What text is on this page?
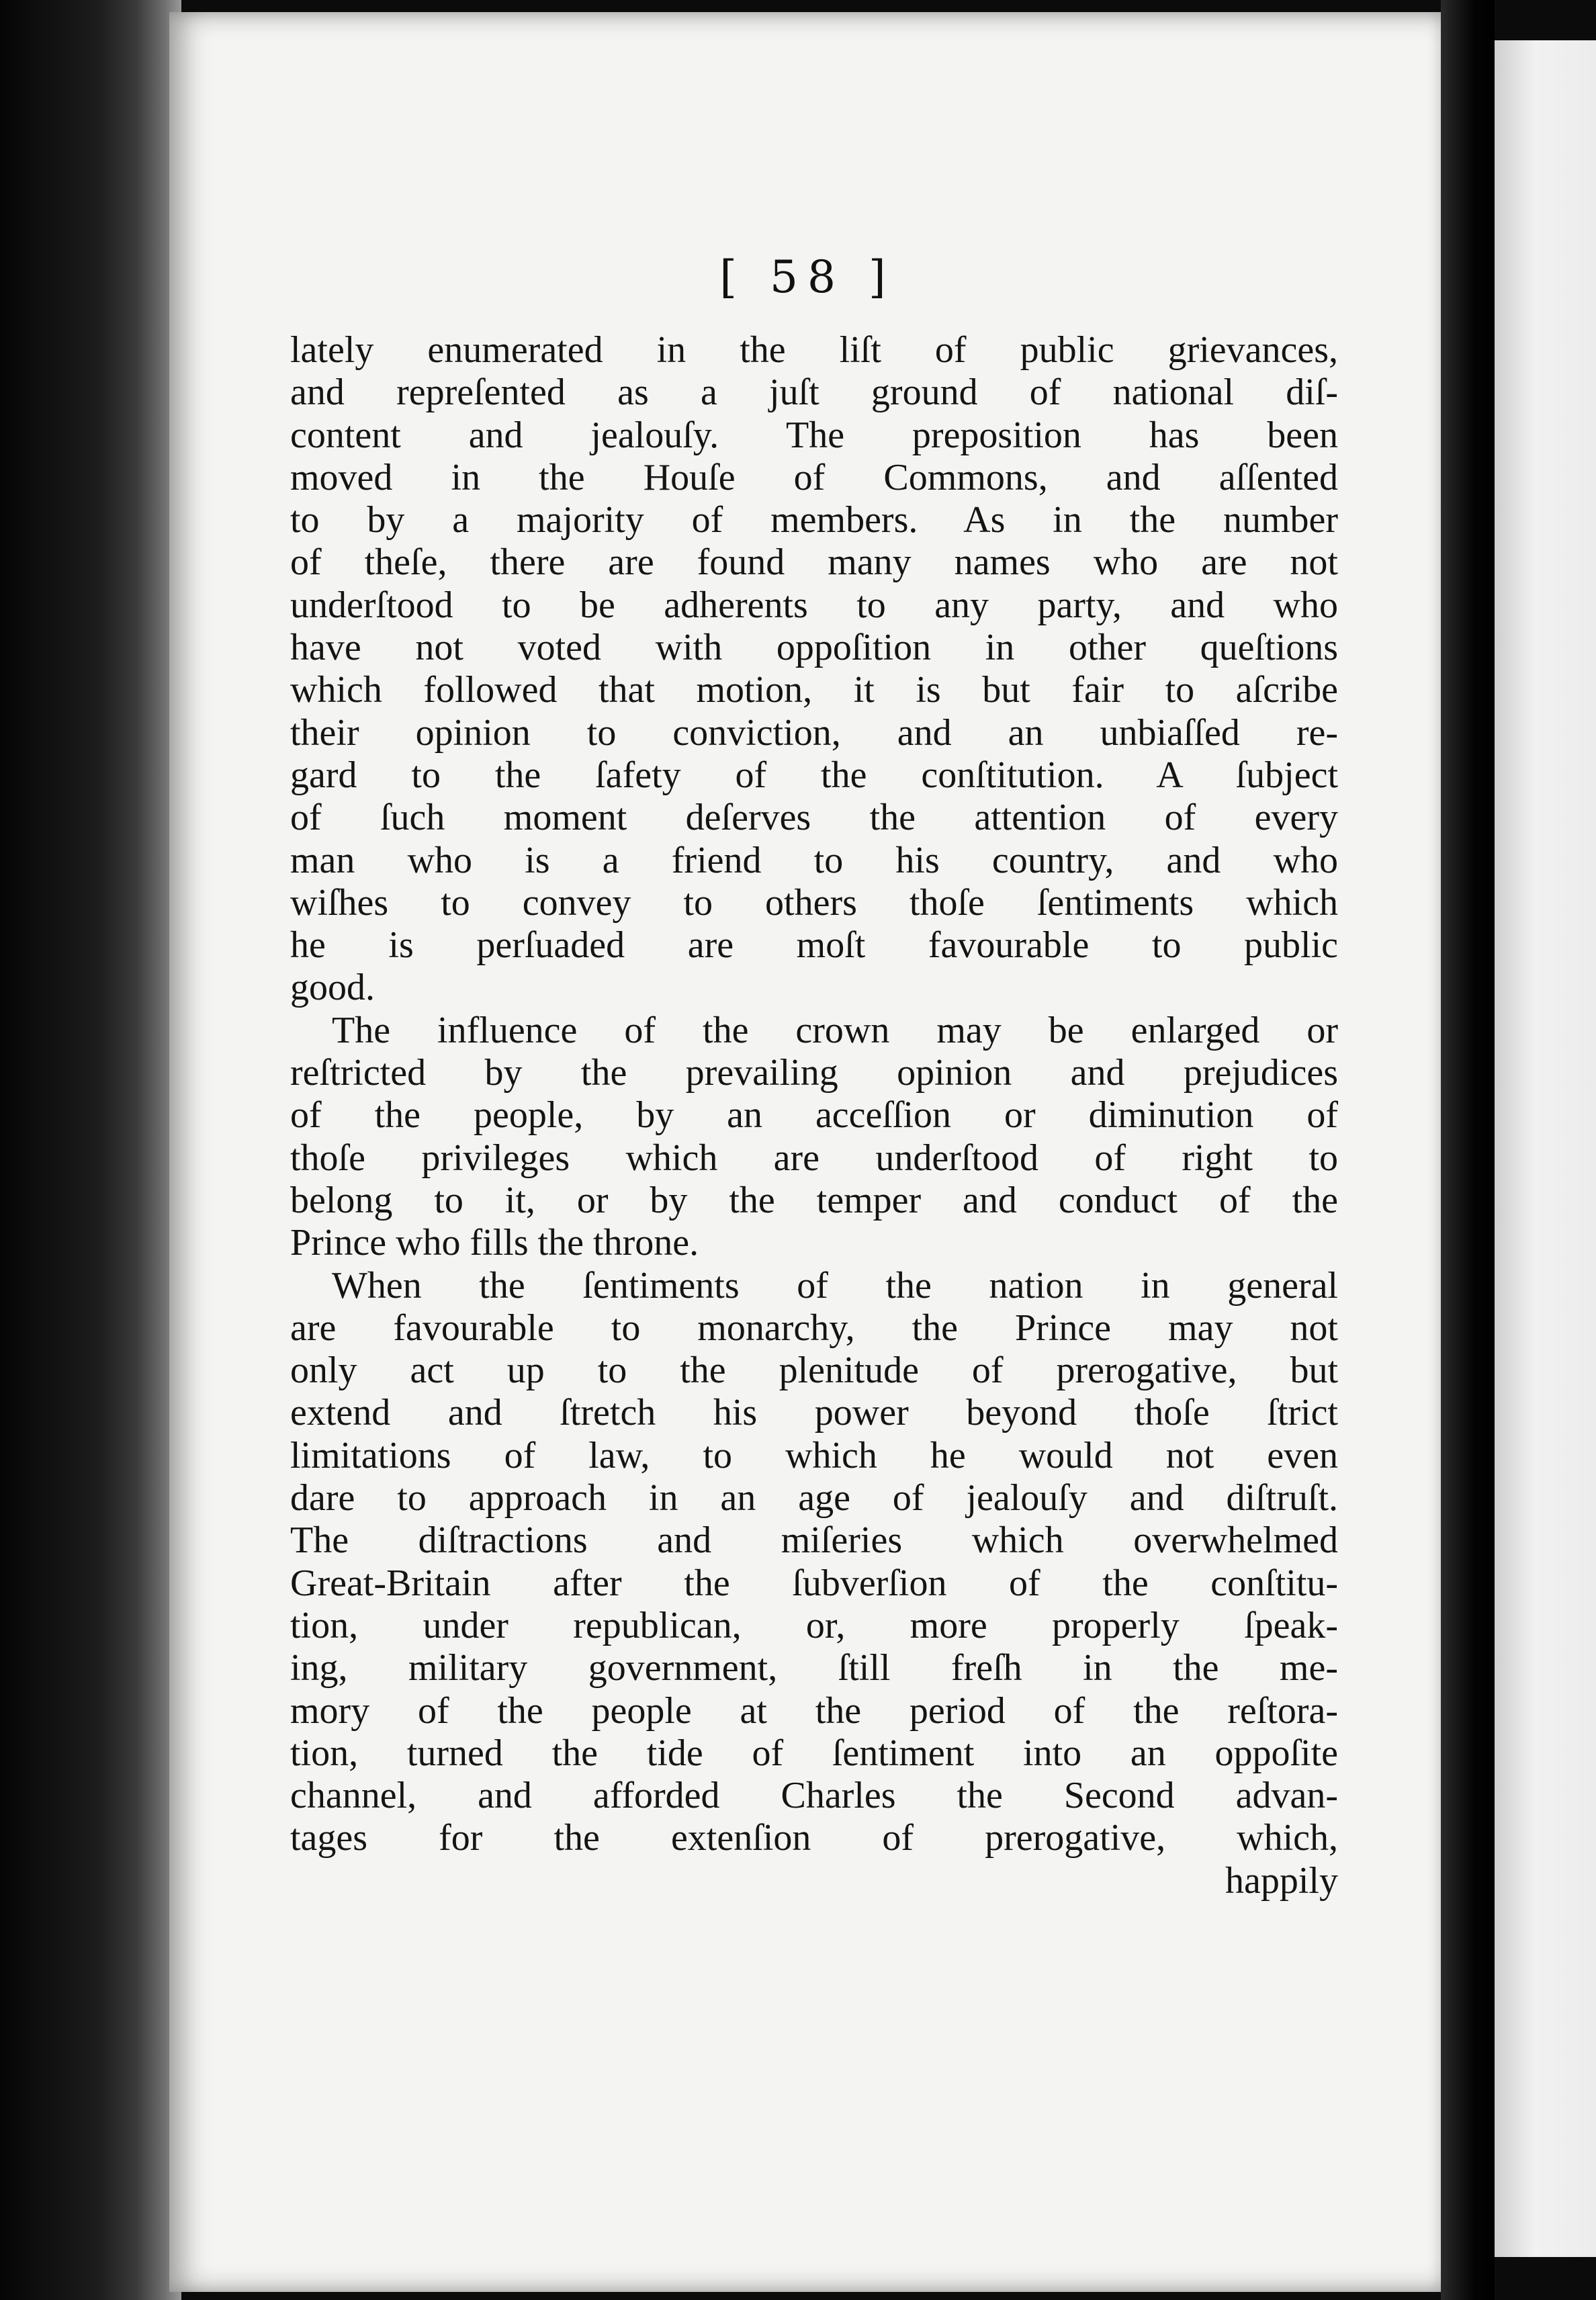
[ 58 ]
lately enumerated in the liſt of public grievances,
and repreſented as a juſt ground of national diſ-
content and jealouſy. The preposition has been
moved in the Houſe of Commons, and aſſented
to by a majority of members. As in the number
of theſe, there are found many names who are not
underſtood to be adherents to any party, and who
have not voted with oppoſition in other queſtions
which followed that motion, it is but fair to aſcribe
their opinion to conviction, and an unbiaſſed re-
gard to the ſafety of the conſtitution. A ſubject
of ſuch moment deſerves the attention of every
man who is a friend to his country, and who
wiſhes to convey to others thoſe ſentiments which
he is perſuaded are moſt favourable to public
good.
The influence of the crown may be enlarged or
reſtricted by the prevailing opinion and prejudices
of the people, by an acceſſion or diminution of
thoſe privileges which are underſtood of right to
belong to it, or by the temper and conduct of the
Prince who fills the throne.
When the ſentiments of the nation in general
are favourable to monarchy, the Prince may not
only act up to the plenitude of prerogative, but
extend and ſtretch his power beyond thoſe ſtrict
limitations of law, to which he would not even
dare to approach in an age of jealouſy and diſtruſt.
The diſtractions and miſeries which overwhelmed
Great-Britain after the ſubverſion of the conſtitu-
tion, under republican, or, more properly ſpeak-
ing, military government, ſtill freſh in the me-
mory of the people at the period of the reſtora-
tion, turned the tide of ſentiment into an oppoſite
channel, and afforded Charles the Second advan-
tages for the extenſion of prerogative, which,
happily
